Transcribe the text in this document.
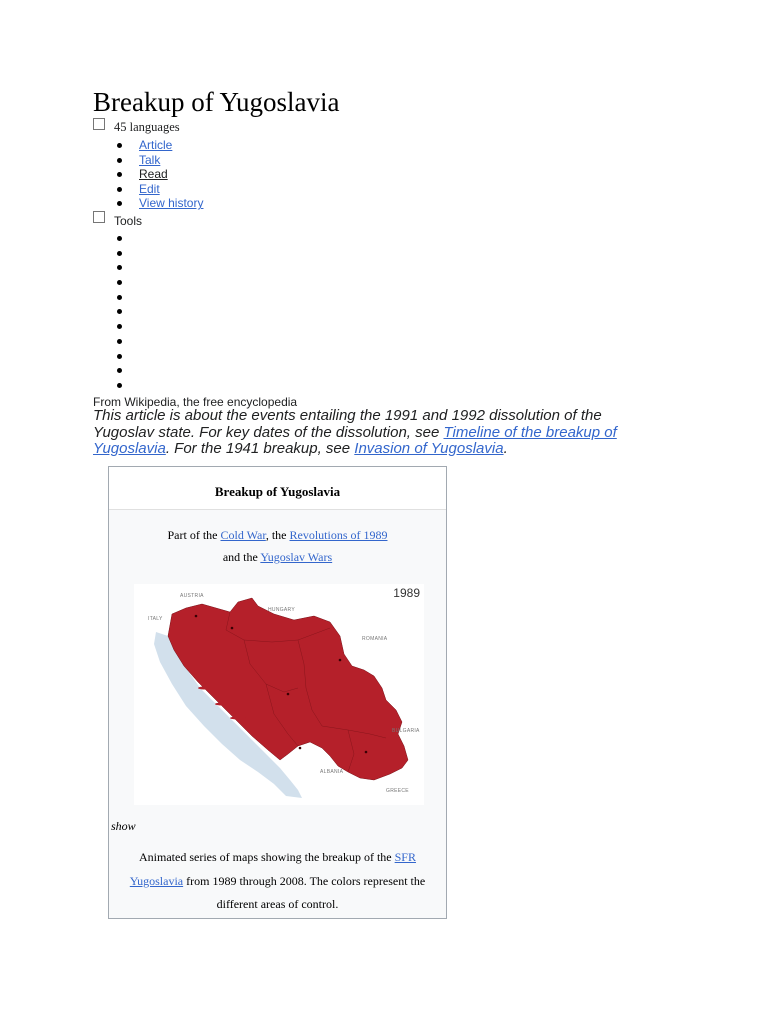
Breakup of Yugoslavia
45 languages
Article
Talk
Read
Edit
View history
Tools
From Wikipedia, the free encyclopedia

This article is about the events entailing the 1991 and 1992 dissolution of the Yugoslav state. For key dates of the dissolution, see Timeline of the breakup of Yugoslavia. For the 1941 breakup, see Invasion of Yugoslavia.

Breakup of Yugoslavia
Part of the Cold War, the Revolutions of 1989 and the Yugoslav Wars
1989
AUSTRIA
HUNGARY
ITALY
ROMANIA
BULGARIA
ALBANIA
GREECE
show
Animated series of maps showing the breakup of the SFR Yugoslavia from 1989 through 2008. The colors represent the different areas of control.
